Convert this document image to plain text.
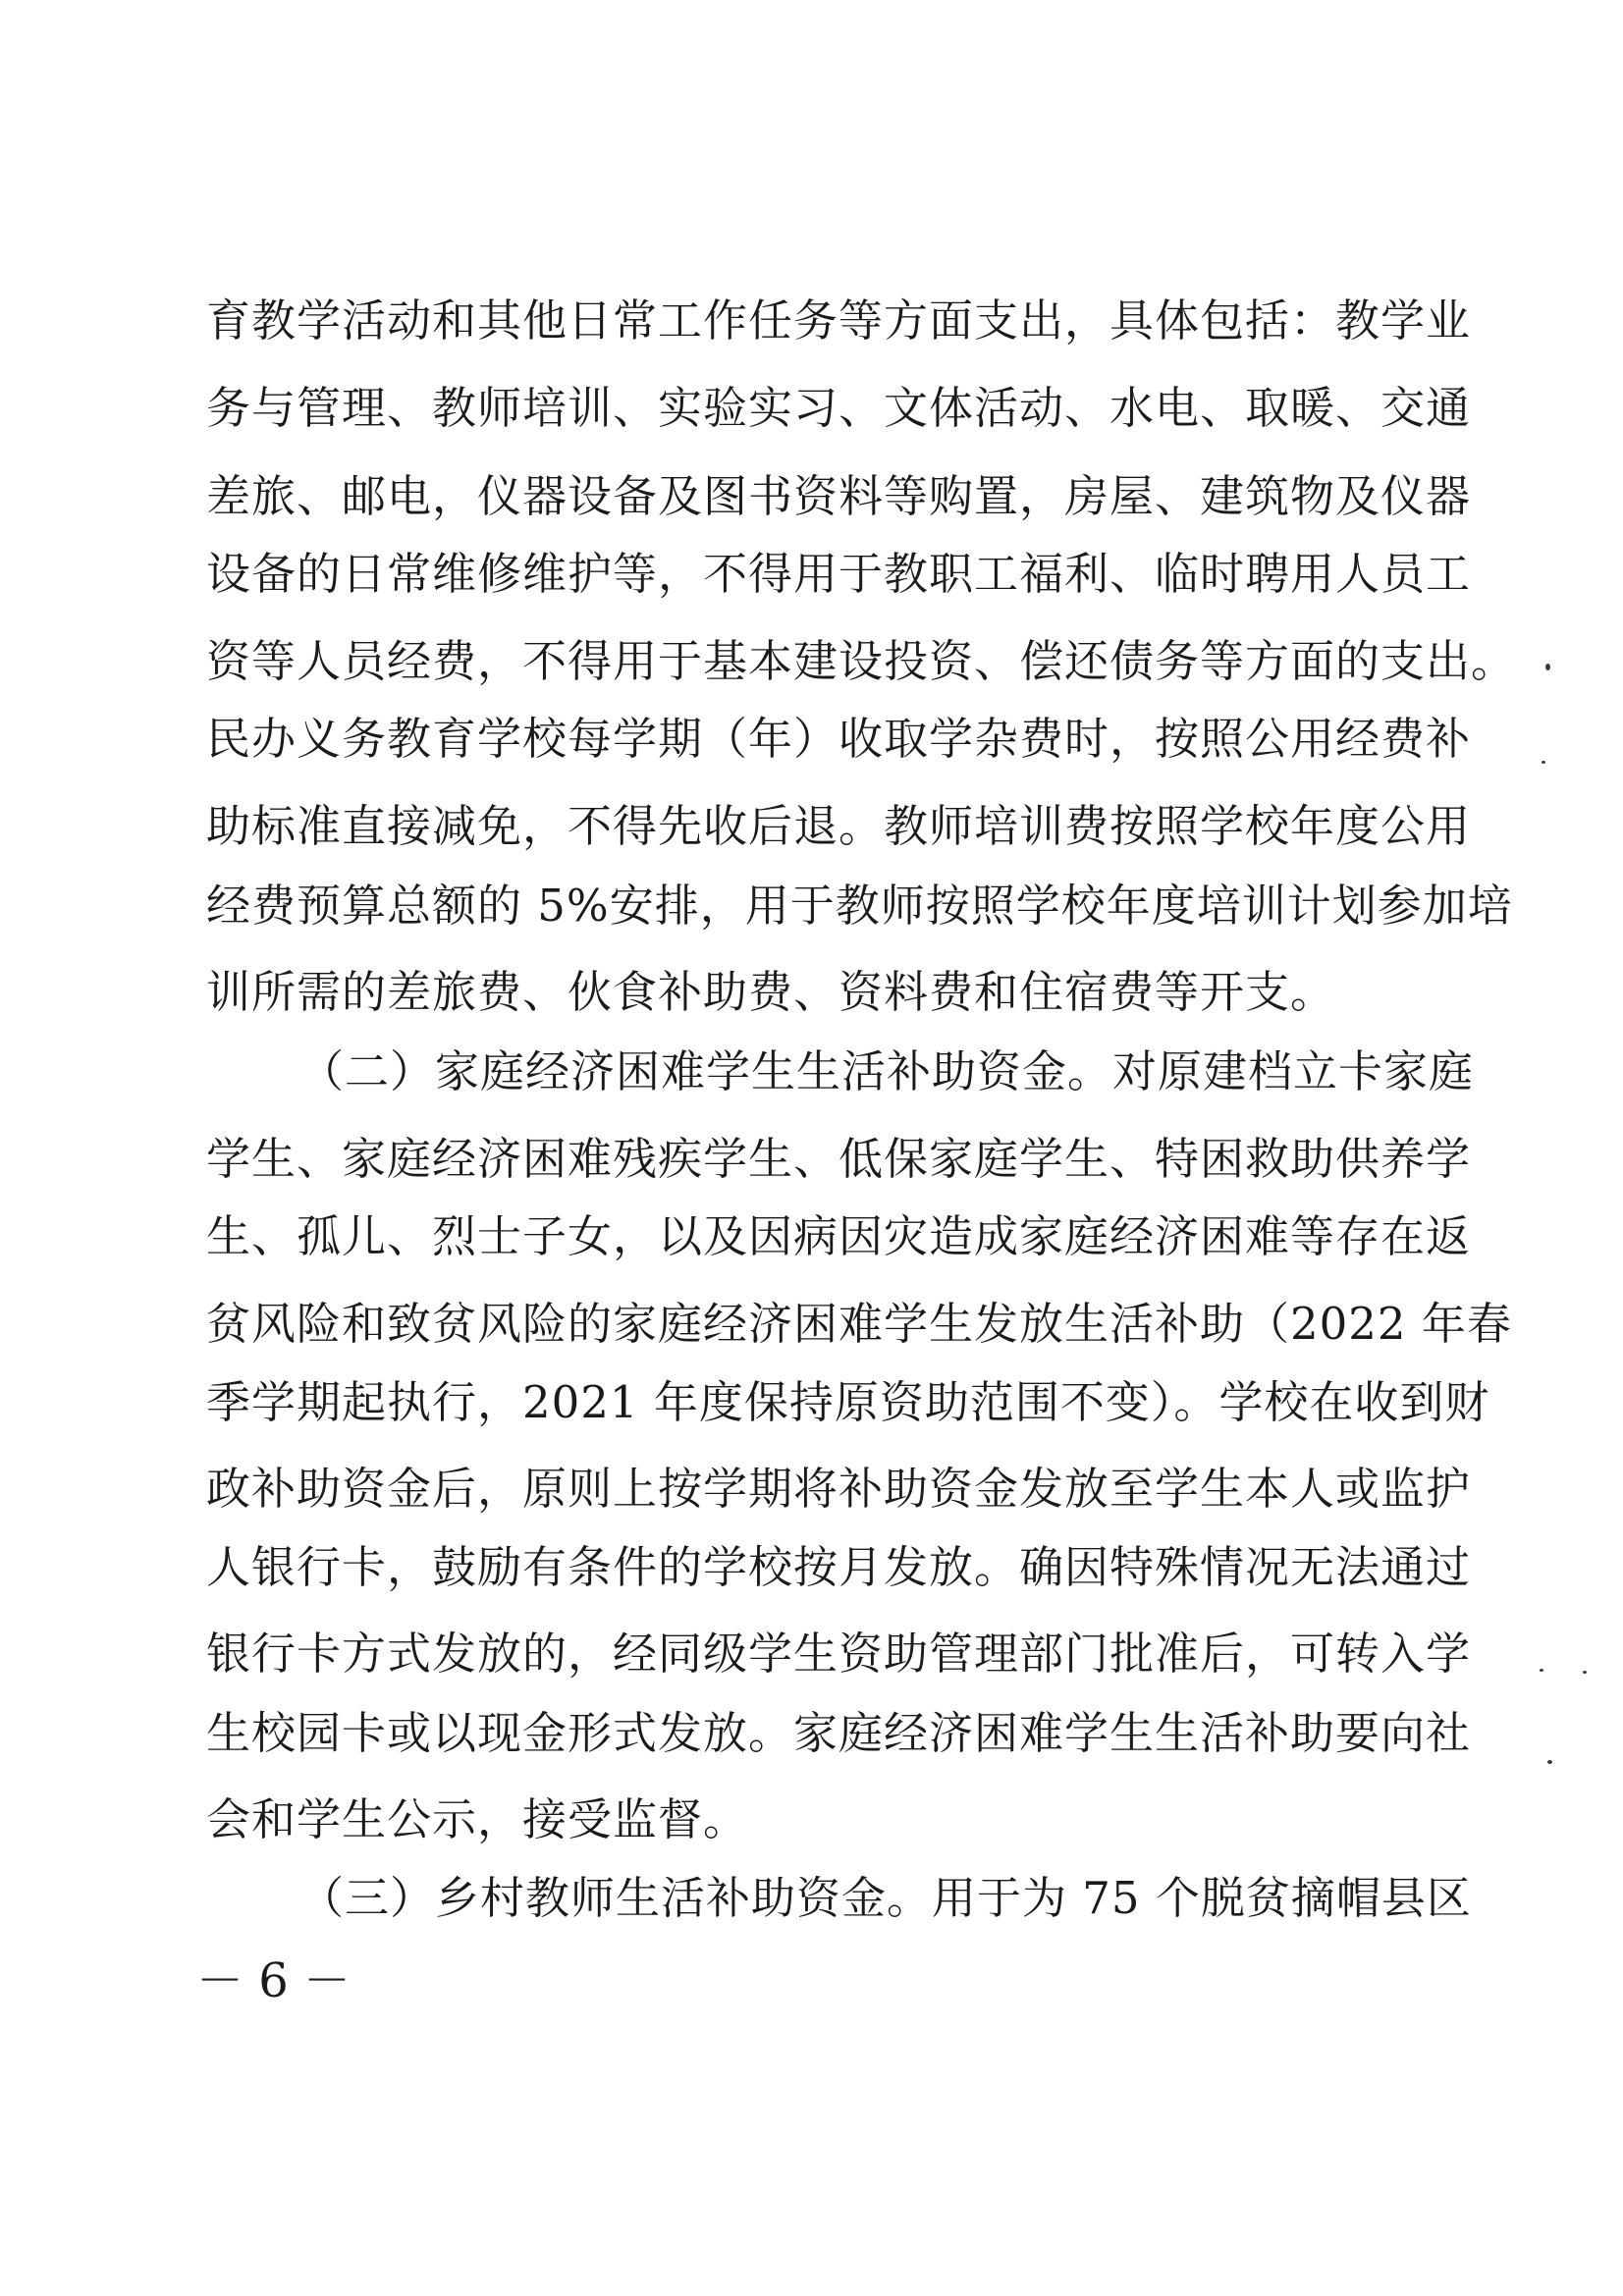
育教学活动和其他日常工作任务等方面支出，具体包括：教学业
务与管理、教师培训、实验实习、文体活动、水电、取暖、交通
差旅、邮电，仪器设备及图书资料等购置，房屋、建筑物及仪器
设备的日常维修维护等，不得用于教职工福利、临时聘用人员工
资等人员经费，不得用于基本建设投资、偿还债务等方面的支出。
民办义务教育学校每学期（年）收取学杂费时，按照公用经费补
助标准直接减免，不得先收后退。教师培训费按照学校年度公用
经费预算总额的 5%安排，用于教师按照学校年度培训计划参加培
训所需的差旅费、伙食补助费、资料费和住宿费等开支。
（二）家庭经济困难学生生活补助资金。对原建档立卡家庭
学生、家庭经济困难残疾学生、低保家庭学生、特困救助供养学
生、孤儿、烈士子女，以及因病因灾造成家庭经济困难等存在返
贫风险和致贫风险的家庭经济困难学生发放生活补助（2022 年春
季学期起执行，2021 年度保持原资助范围不变）。学校在收到财
政补助资金后，原则上按学期将补助资金发放至学生本人或监护
人银行卡，鼓励有条件的学校按月发放。确因特殊情况无法通过
银行卡方式发放的，经同级学生资助管理部门批准后，可转入学
生校园卡或以现金形式发放。家庭经济困难学生生活补助要向社
会和学生公示，接受监督。
（三）乡村教师生活补助资金。用于为 75 个脱贫摘帽县区
－ 6 －
